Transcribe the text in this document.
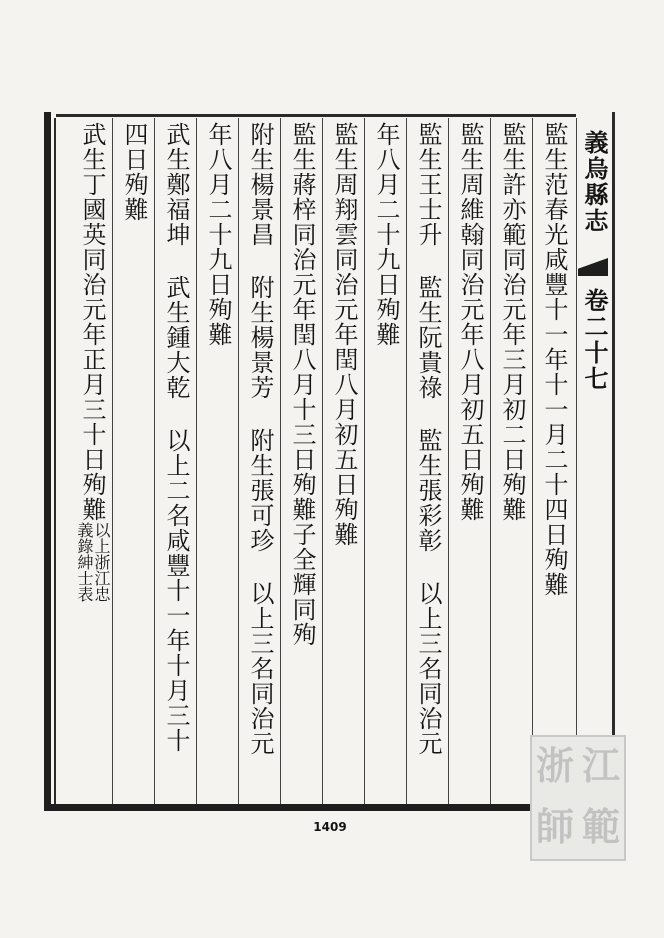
義烏縣志
卷二十七
監生范春光咸豐十一年十一月二十四日殉難
監生許亦範同治元年三月初二日殉難
監生周維翰同治元年八月初五日殉難
監生王士升監生阮貴祿監生張彩彰以上三名同治元
年八月二十九日殉難
監生周翔雲同治元年閏八月初五日殉難
監生蔣梓同治元年閏八月十三日殉難子全輝同殉
附生楊景昌附生楊景芳附生張可珍以上三名同治元
年八月二十九日殉難
武生鄭福坤武生鍾大乾以上二名咸豐十一年十月三十
四日殉難
武生丁國英同治元年正月三十日殉難以上浙江忠
義錄紳士表
1409
浙 江
師 範
